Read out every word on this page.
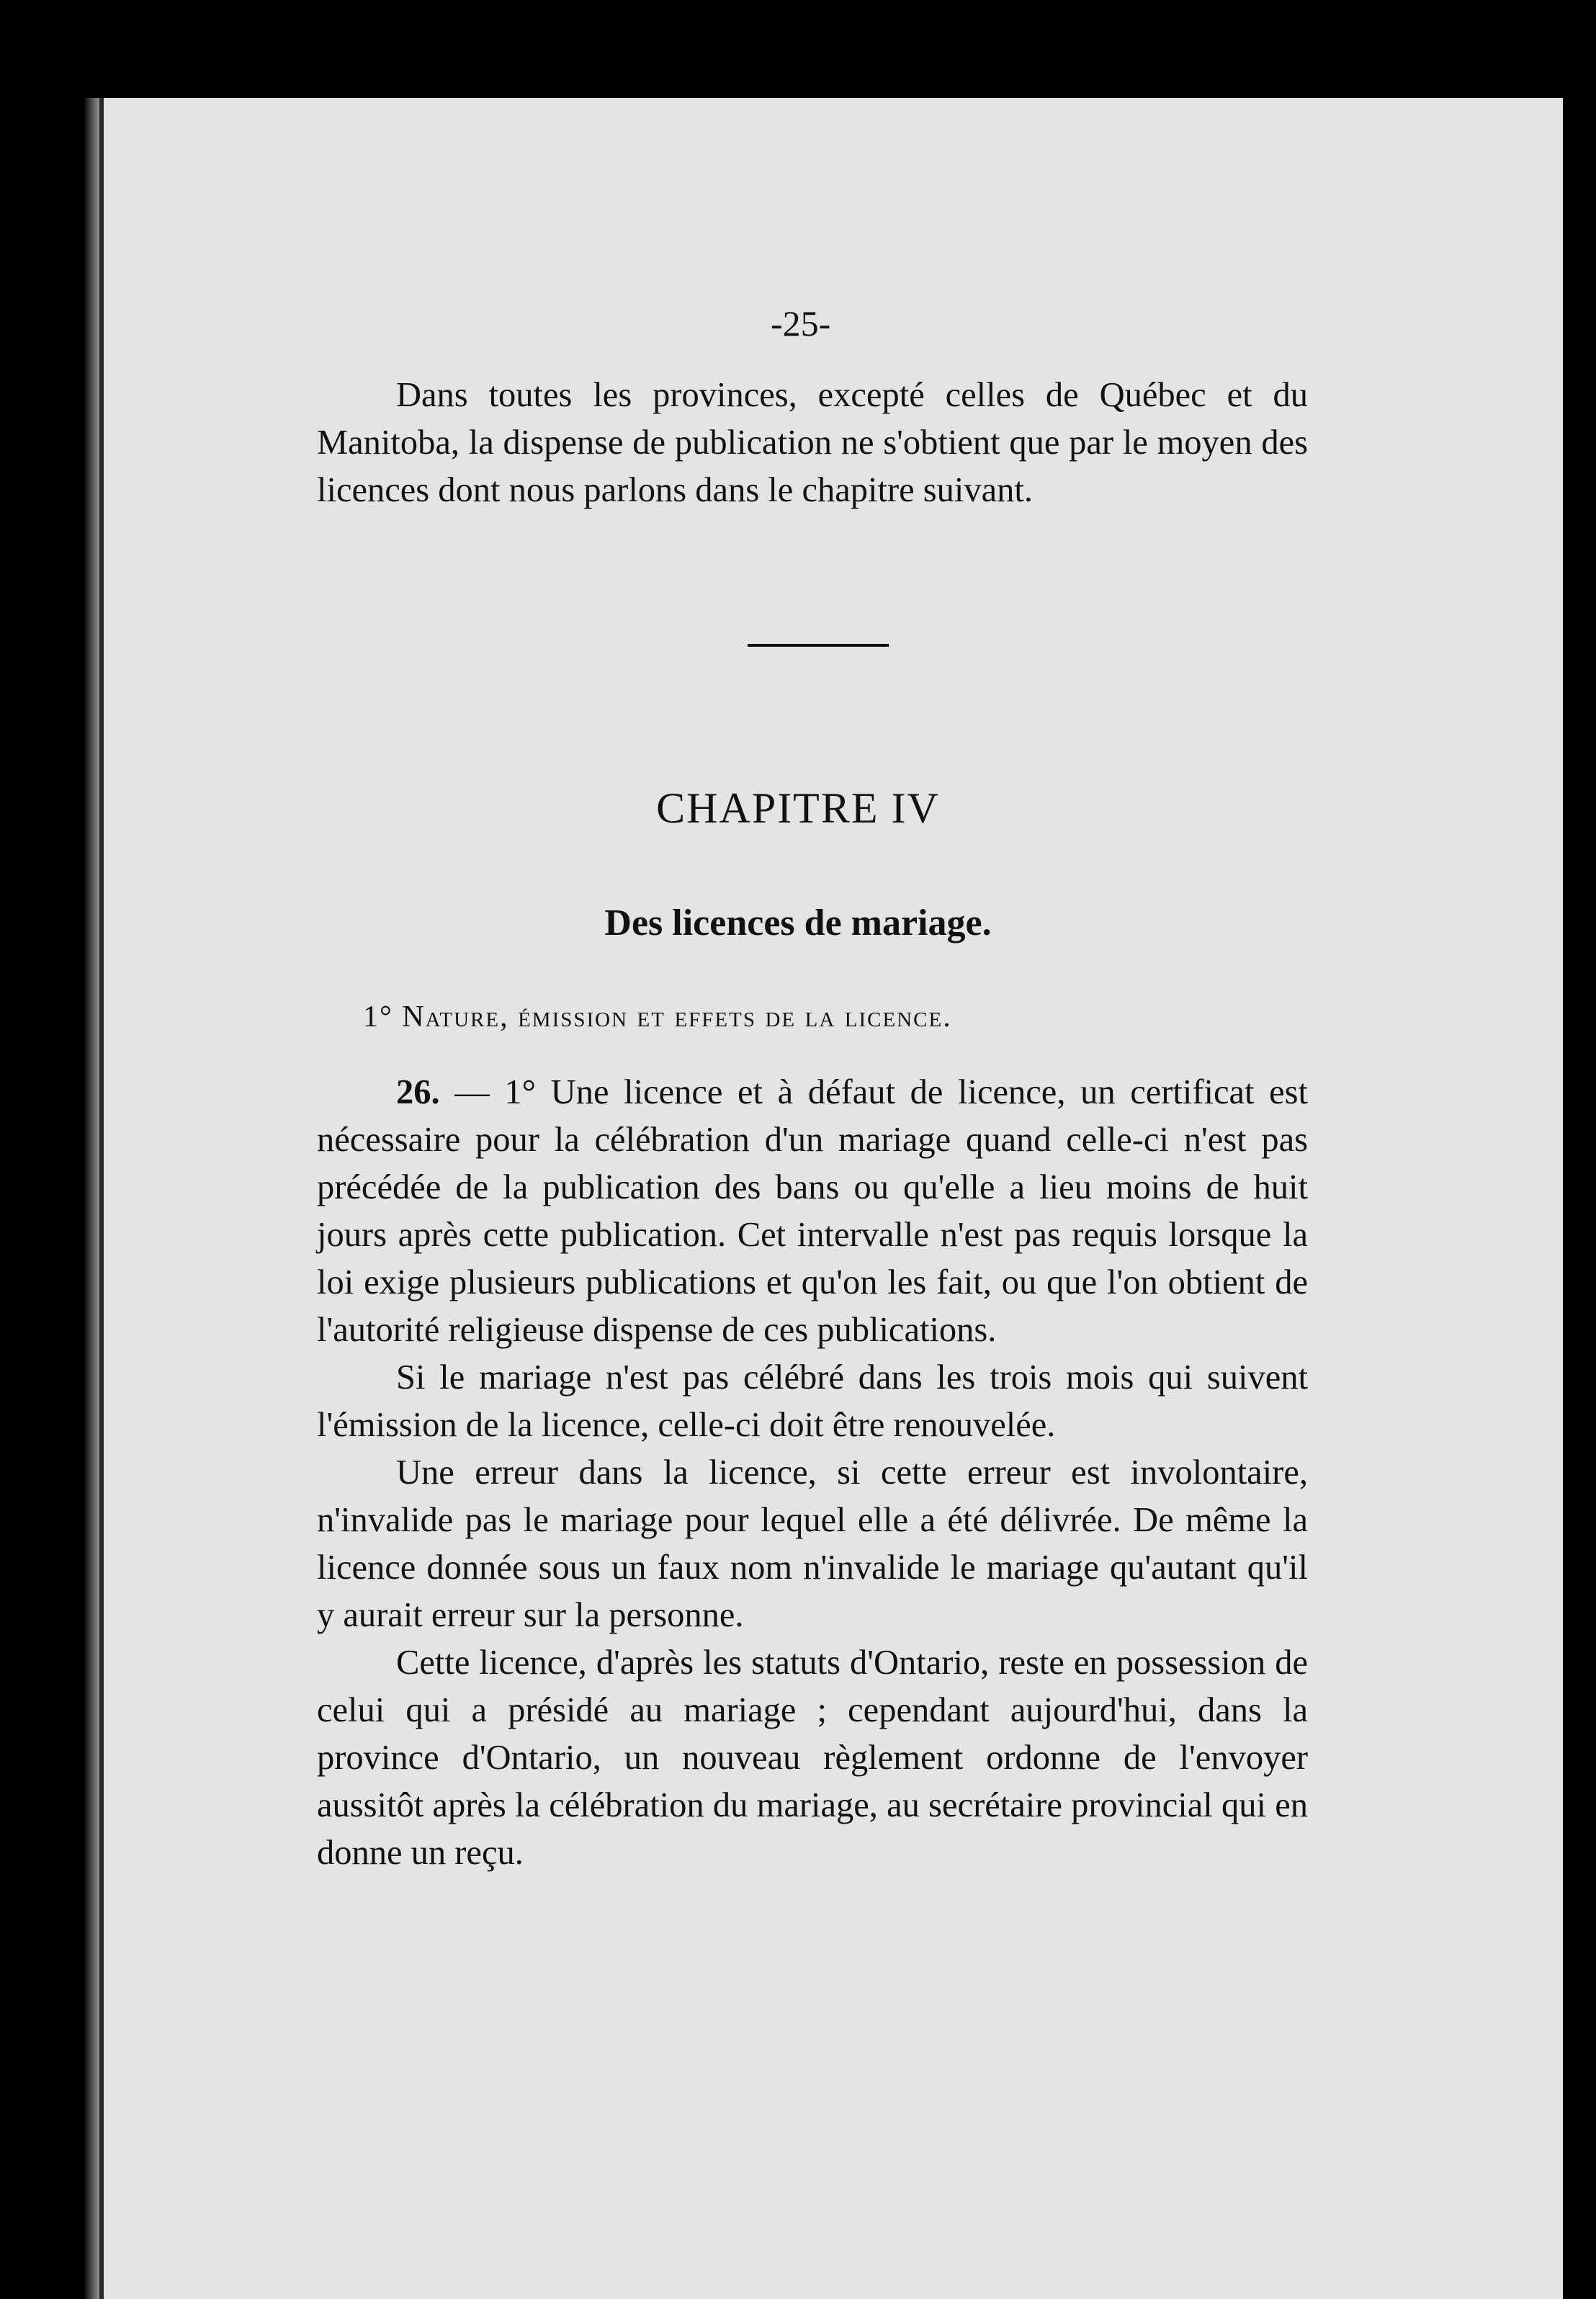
-25-

Dans toutes les provinces, excepté celles de Québec et du Manitoba, la dispense de publication ne s'obtient que par le moyen des licences dont nous parlons dans le chapitre suivant.

CHAPITRE IV
Des licences de mariage.
1° Nature, émission et effets de la licence.

26. — 1° Une licence et à défaut de licence, un certificat est nécessaire pour la célébration d'un mariage quand celle-ci n'est pas précédée de la publication des bans ou qu'elle a lieu moins de huit jours après cette publication. Cet intervalle n'est pas requis lorsque la loi exige plusieurs publications et qu'on les fait, ou que l'on obtient de l'autorité religieuse dispense de ces publications.

Si le mariage n'est pas célébré dans les trois mois qui suivent l'émission de la licence, celle-ci doit être renouvelée.

Une erreur dans la licence, si cette erreur est involontaire, n'invalide pas le mariage pour lequel elle a été délivrée. De même la licence donnée sous un faux nom n'invalide le mariage qu'autant qu'il y aurait erreur sur la personne.

Cette licence, d'après les statuts d'Ontario, reste en possession de celui qui a présidé au mariage ; cependant aujourd'hui, dans la province d'Ontario, un nouveau règlement ordonne de l'envoyer aussitôt après la célébration du mariage, au secrétaire provincial qui en donne un reçu.
